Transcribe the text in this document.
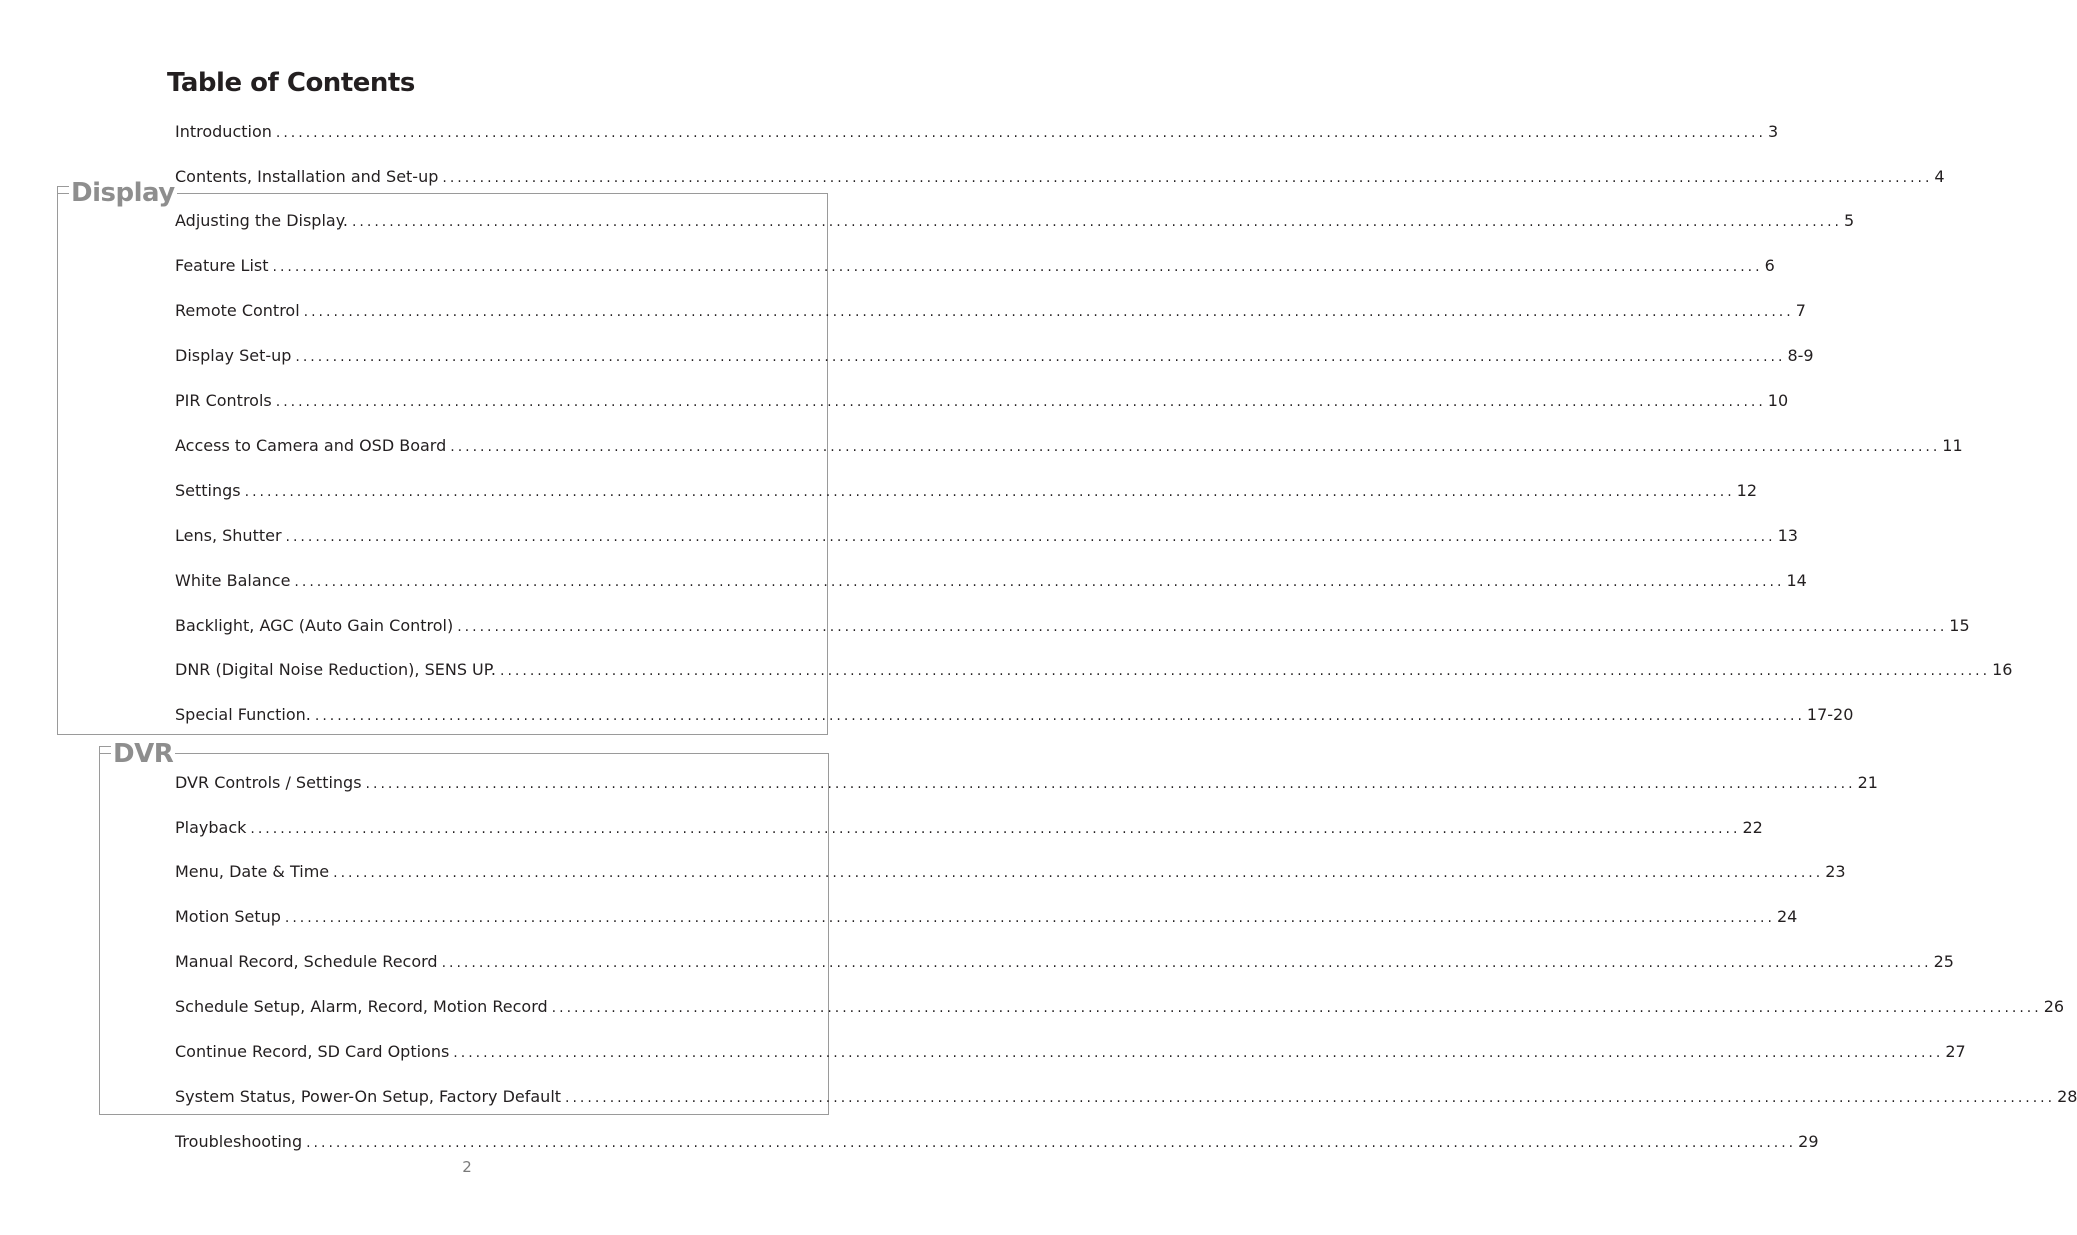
Table of Contents
Display
DVR
Introduction ........................................................................................................................................................................................................ 3
Contents, Installation and Set-up ........................................................................................................................................................................................................ 4
Adjusting the Display. ........................................................................................................................................................................................................ 5
Feature List ........................................................................................................................................................................................................ 6
Remote Control ........................................................................................................................................................................................................ 7
Display Set-up ........................................................................................................................................................................................................ 8-9
PIR Controls ........................................................................................................................................................................................................ 10
Access to Camera and OSD Board ........................................................................................................................................................................................................ 11
Settings ........................................................................................................................................................................................................ 12
Lens, Shutter ........................................................................................................................................................................................................ 13
White Balance ........................................................................................................................................................................................................ 14
Backlight, AGC (Auto Gain Control) ........................................................................................................................................................................................................ 15
DNR (Digital Noise Reduction), SENS UP. ........................................................................................................................................................................................................ 16
Special Function. ........................................................................................................................................................................................................ 17-20
DVR Controls / Settings ........................................................................................................................................................................................................ 21
Playback ........................................................................................................................................................................................................ 22
Menu, Date & Time ........................................................................................................................................................................................................ 23
Motion Setup ........................................................................................................................................................................................................ 24
Manual Record, Schedule Record ........................................................................................................................................................................................................ 25
Schedule Setup, Alarm, Record, Motion Record ........................................................................................................................................................................................................ 26
Continue Record, SD Card Options ........................................................................................................................................................................................................ 27
System Status, Power-On Setup, Factory Default ........................................................................................................................................................................................................ 28
Troubleshooting ........................................................................................................................................................................................................ 29
2
